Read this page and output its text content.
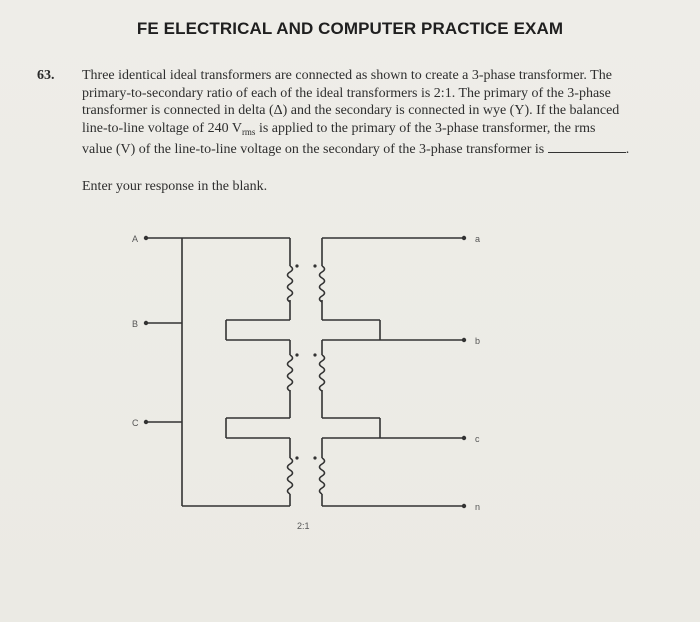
FE ELECTRICAL AND COMPUTER PRACTICE EXAM
63. Three identical ideal transformers are connected as shown to create a 3-phase transformer. The
primary-to-secondary ratio of each of the ideal transformers is 2:1. The primary of the 3-phase
transformer is connected in delta (Δ) and the secondary is connected in wye (Y). If the balanced
line-to-line voltage of 240 $V_{rms}$ is applied to the primary of the 3-phase transformer, the rms
value (V) of the line-to-line voltage on the secondary of the 3-phase transformer is	.
Enter your response in the blank.
A
B
C
a
b
c
n
2:1
